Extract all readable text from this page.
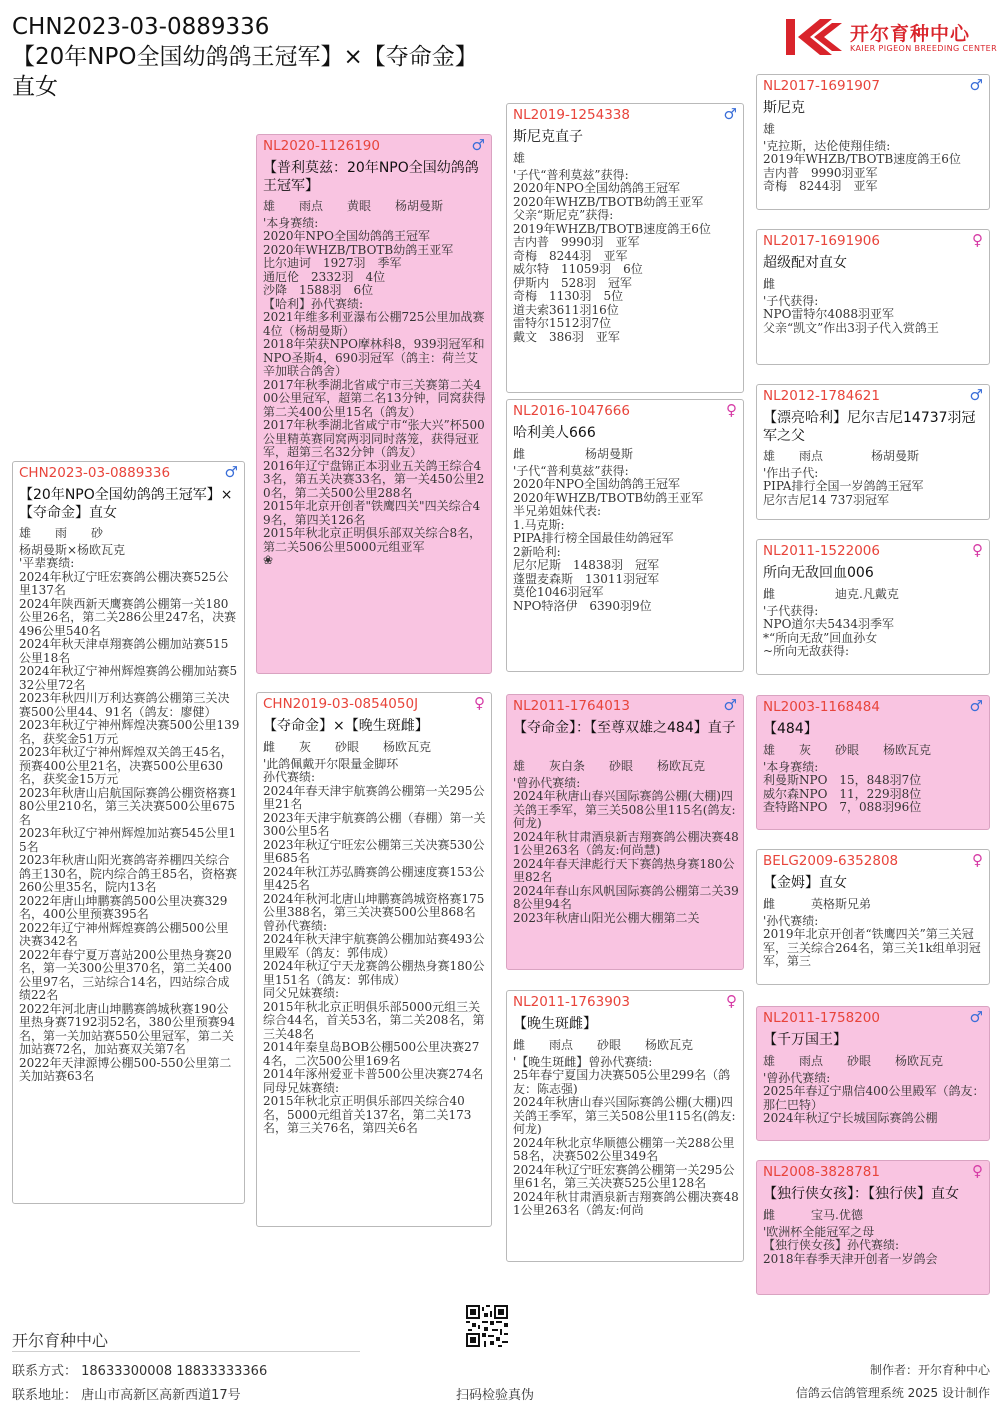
CHN2023-03-0889336
【20年NPO全国幼鸽鸽王冠军】×【夺命金】直女
开尔育种中心
KAIER PIGEON BREEDING CENTER
CHN2023-03-0889336	♂
【20年NPO全国幼鸽鸽王冠军】×【夺命金】直女
雄　　雨　　砂
杨胡曼斯×杨欧瓦克
'平辈赛绩:
2024年秋辽宁旺宏赛鸽公棚决赛525公里137名
2024年陕西新天鹰赛鸽公棚第一关180公里26名，第二关286公里247名，决赛496公里540名
2024年秋天津卓翔赛鸽公棚加站赛515公里18名
2024年秋辽宁神州辉煌赛鸽公棚加站赛532公里72名
2023年秋四川万利达赛鸽公棚第三关决赛500公里44、91名（鸽友：廖健）
2023年秋辽宁神州辉煌决赛500公里139名，获奖金51万元
2023年秋辽宁神州辉煌双关鸽王45名，预赛400公里21名，决赛500公里630名，获奖金15万元
2023年秋唐山启航国际赛鸽公棚资格赛180公里210名，第三关决赛500公里675名
2023年秋辽宁神州辉煌加站赛545公里15名
2023年秋唐山阳光赛鸽寄养棚四关综合鸽王130名，院内综合鸽王85名，资格赛260公里35名，院内13名
2022年唐山坤鹏赛鸽500公里决赛329名，400公里预赛395名
2022年辽宁神州辉煌赛鸽公棚500公里决赛342名
2022年春宁夏万喜站200公里热身赛20名，第一关300公里370名，第二关400公里97名，三站综合14名，四站综合成绩22名
2022年河北唐山坤鹏赛鸽城秋赛190公里热身赛7192羽52名，380公里预赛94名，第一关加站赛550公里冠军，第二关加站赛72名，加站赛双关第7名
2022年天津源博公棚500-550公里第二关加站赛63名
NL2020-1126190	♂
【普利莫兹：20年NPO全国幼鸽鸽王冠军】
雄　　雨点　　黄眼　　杨胡曼斯
'本身赛绩:
2020年NPO全国幼鸽鸽王冠军
2020年WHZB/TBOTB幼鸽王亚军
比尔迪诃　1927羽　季军
通厄伦　2332羽　4位
沙降　1588羽　6位
【哈利】孙代赛绩:
2021年维多利亚瀑布公棚725公里加战赛4位（杨胡曼斯）
2018年荣获NPO摩林科8，939羽冠军和NPO圣斯4，690羽冠军（鸽主：荷兰艾辛加联合鸽舍）
2017年秋季湖北省咸宁市三关赛第二关400公里冠军，超第二名13分钟，同窝获得第二关400公里15名（鸽友）
2017年秋季湖北省咸宁市“张大兴”杯500公里精英赛同窝两羽同时落笼，获得冠亚军，超第三名32分钟（鸽友）
2016年辽宁盘锦正本羽业五关鸽王综合43名，第五关决赛33名，第一关450公里20名，第二关500公里288名
2015年北京开创者"铁鹰四关"四关综合49名，第四关126名
2015年秋北京正明俱乐部双关综合8名，第二关506公里5000元组亚军
❀
CHN2019-03-0854050J	♀
【夺命金】×【晚生斑雌】
雌　　灰　　砂眼　　杨欧瓦克
'此鸽佩戴开尔限量金脚环
孙代赛绩:
2024年春天津宇航赛鸽公棚第一关295公里21名
2023年天津宇航赛鸽公棚（春棚）第一关300公里5名
2023年秋辽宁旺宏公棚第三关决赛530公里685名
2024年秋江苏弘腾赛鸽公棚速度赛153公里425名
2024年秋河北唐山坤鹏赛鸽城资格赛175公里388名，第三关决赛500公里868名
曾孙代赛绩:
2024年秋天津宇航赛鸽公棚加站赛493公里殿军（鸽友：郭伟成）
2024年秋辽宁天龙赛鸽公棚热身赛180公里151名（鸽友：郭伟成）
同父兄妹赛绩:
2015年秋北京正明俱乐部5000元组三关综合44名，首关53名，第二关208名，第三关48名
2014年秦皇岛BOB公棚500公里决赛274名，二次500公里169名
2014年涿州爱亚卡普500公里决赛274名
同母兄妹赛绩:
2015年秋北京正明俱乐部四关综合40名，5000元组首关137名，第二关173名，第三关76名，第四关6名
NL2019-1254338	♂
斯尼克直子
雄
'子代“普利莫兹”获得:
2020年NPO全国幼鸽鸽王冠军
2020年WHZB/TBOTB幼鸽王亚军
父亲“斯尼克”获得:
2019年WHZB/TBOTB速度鸽王6位
吉内普　9990羽　亚军
奇梅　8244羽　亚军
威尔特　11059羽　6位
伊斯内　528羽　冠军
奇梅　1130羽　5位
道夫索3611羽16位
雷特尔1512羽7位
戴文　386羽　亚军
NL2016-1047666	♀
哈利美人666
雌　　　　　杨胡曼斯
'子代“普利莫兹”获得:
2020年NPO全国幼鸽鸽王冠军
2020年WHZB/TBOTB幼鸽王亚军
半兄弟姐妹代表:
1.马克斯:
PIPA排行榜全国最佳幼鸽冠军
2新哈利:
尼尔尼斯　14838羽　冠军
蓬盟麦森斯　13011羽冠军
莫伦1046羽冠军
NPO特洛伊　6390羽9位
NL2011-1764013	♂
【夺命金】：【至尊双雄之484】直子
雄　　灰白条　　砂眼　　杨欧瓦克
'曾孙代赛绩:
2024年秋唐山春兴国际赛鸽公棚(大棚)四关鸽王季军，第三关508公里115名(鸽友:何龙)
2024年秋甘肃酒泉新吉翔赛鸽公棚决赛481公里263名（鸽友:何尚慧)
2024年春天津彪行天下赛鸽热身赛180公里82名
2024年春山东风帆国际赛鸽公棚第二关398公里94名
2023年秋唐山阳光公棚大棚第二关
NL2011-1763903	♀
【晚生斑雌】
雌　　雨点　　砂眼　　杨欧瓦克
'【晚生斑雌】曾孙代赛绩:
25年春宁夏国力决赛505公里299名（鸽友：陈志强)
2024年秋唐山春兴国际赛鸽公棚(大棚)四关鸽王季军，第三关508公里115名(鸽友:何龙)
2024年秋北京华顺德公棚第一关288公里58名，决赛502公里349名
2024年秋辽宁旺宏赛鸽公棚第一关295公里61名，第三关决赛525公里128名
2024年秋甘肃酒泉新吉翔赛鸽公棚决赛481公里263名（鸽友:何尚
NL2017-1691907	♂
斯尼克
雄
'克拉斯，达伦使翔佳绩:
2019年WHZB/TBOTB速度鸽王6位
吉内普　9990羽亚军
奇梅　8244羽　亚军
NL2017-1691906	♀
超级配对直女
雌
'子代获得:
NPO雷特尔4088羽亚军
父亲“凯文”作出3羽子代入赏鸽王
NL2012-1784621	♂
【漂亮哈利】尼尔吉尼14737羽冠军之父
雄　　雨点　　　　杨胡曼斯
'作出子代:
PIPA排行全国一岁鸽鸽王冠军
尼尔吉尼14 737羽冠军
NL2011-1522006	♀
所向无敌回血006
雌　　　　　迪克.凡戴克
'子代获得:
NPO道尔夫5434羽季军
*“所向无敌”回血孙女
~所向无敌获得:
NL2003-1168484	♂
【484】
雄　　灰　　砂眼　　杨欧瓦克
'本身赛绩:
利曼斯NPO　15，848羽7位
威尔森NPO　11，229羽8位
查特路NPO　7，088羽96位
BELG2009-6352808	♀
【金姆】直女
雌　　　英格斯兄弟
'孙代赛绩:
2019年北京开创者“铁鹰四关”第三关冠军，三关综合264名，第三关1k组单羽冠军，第三
NL2011-1758200	♂
【千万国王】
雄　　雨点　　砂眼　　杨欧瓦克
'曾孙代赛绩:
2025年春辽宁鼎信400公里殿军（鸽友：那仁巴特）
2024年秋辽宁长城国际赛鸽公棚
NL2008-3828781	♀
【独行侠女孩】：【独行侠】直女
雌　　　宝马.优德
'欧洲杯全能冠军之母
【独行侠女孩】孙代赛绩:
2018年春季天津开创者一岁鸽会
开尔育种中心
联系方式： 18633300008 18833333366
联系地址： 唐山市高新区高新西道17号	扫码检验真伪
制作者：开尔育种中心
信鸽云信鸽管理系统 2025 设计制作
